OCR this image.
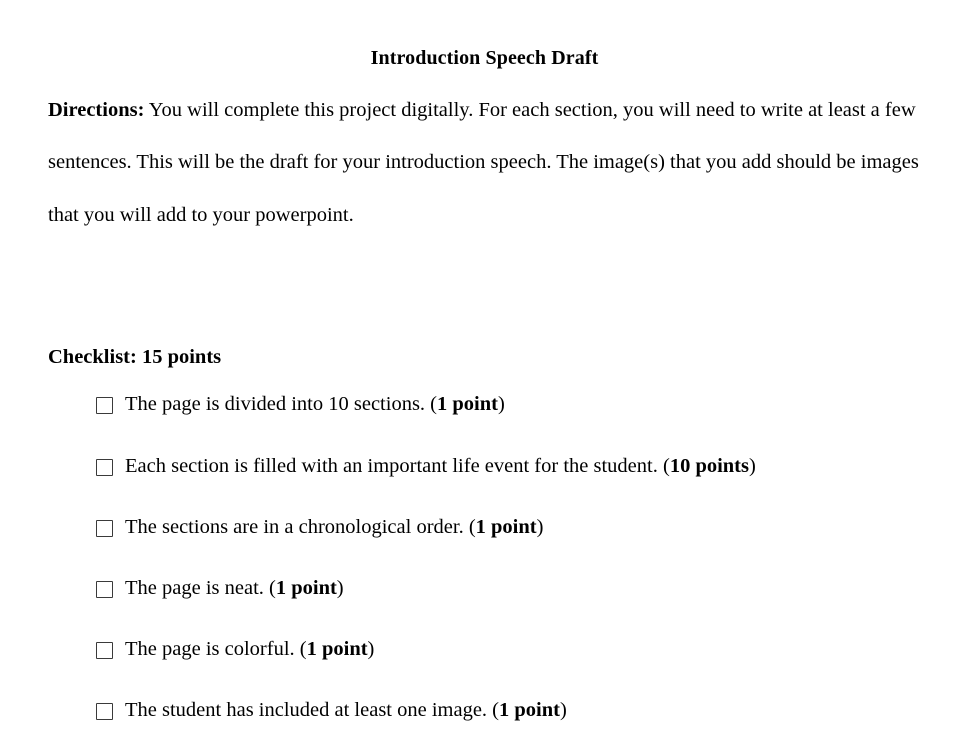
Introduction Speech Draft

Directions: You will complete this project digitally. For each section, you will need to write at least a few sentences. This will be the draft for your introduction speech. The image(s) that you add should be images that you will add to your powerpoint.

Checklist: 15 points
The page is divided into 10 sections. (1 point)
Each section is filled with an important life event for the student. (10 points)
The sections are in a chronological order. (1 point)
The page is neat. (1 point)
The page is colorful. (1 point)
The student has included at least one image. (1 point)
